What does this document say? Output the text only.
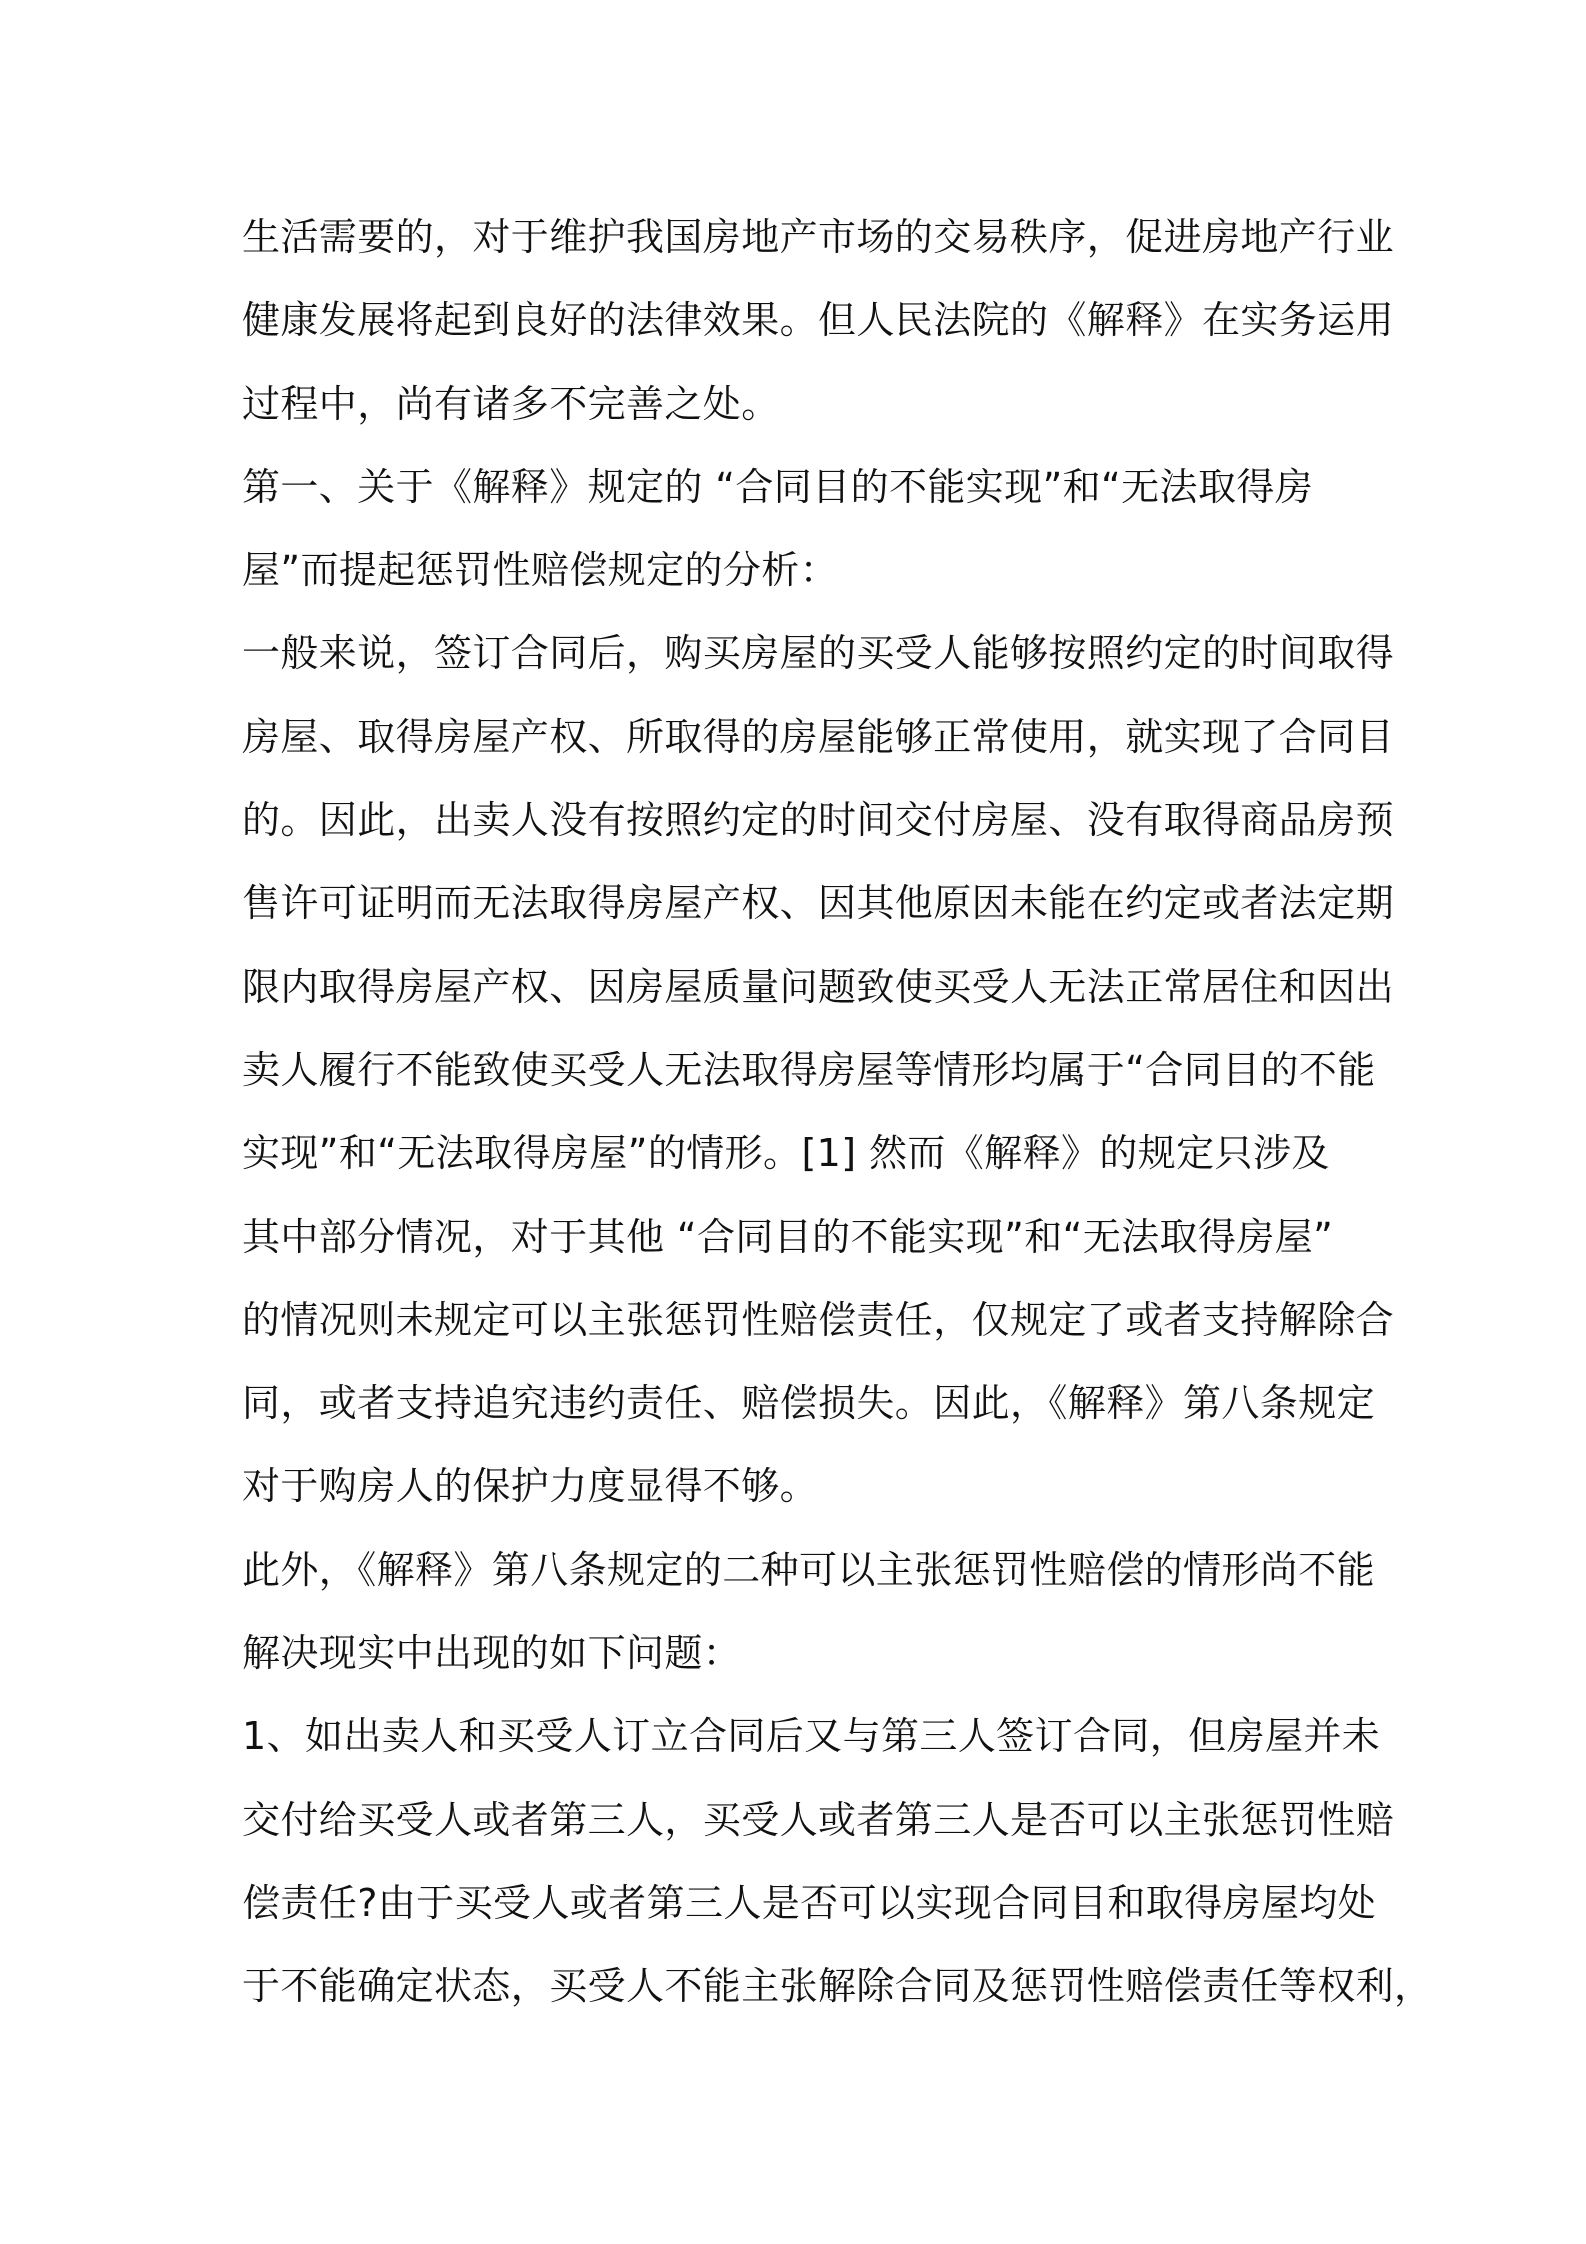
生活需要的，对于维护我国房地产市场的交易秩序，促进房地产行业
健康发展将起到良好的法律效果。但人民法院的《解释》在实务运用
过程中，尚有诸多不完善之处。
第一、关于《解释》规定的 “合同目的不能实现”和“无法取得房
屋”而提起惩罚性赔偿规定的分析：
一般来说，签订合同后，购买房屋的买受人能够按照约定的时间取得
房屋、取得房屋产权、所取得的房屋能够正常使用，就实现了合同目
的。因此，出卖人没有按照约定的时间交付房屋、没有取得商品房预
售许可证明而无法取得房屋产权、因其他原因未能在约定或者法定期
限内取得房屋产权、因房屋质量问题致使买受人无法正常居住和因出
卖人履行不能致使买受人无法取得房屋等情形均属于“合同目的不能
实现”和“无法取得房屋”的情形。[1] 然而《解释》的规定只涉及
其中部分情况，对于其他 “合同目的不能实现”和“无法取得房屋”
的情况则未规定可以主张惩罚性赔偿责任，仅规定了或者支持解除合
同，或者支持追究违约责任、赔偿损失。因此，《解释》第八条规定
对于购房人的保护力度显得不够。
此外，《解释》第八条规定的二种可以主张惩罚性赔偿的情形尚不能
解决现实中出现的如下问题：
1、如出卖人和买受人订立合同后又与第三人签订合同，但房屋并未
交付给买受人或者第三人，买受人或者第三人是否可以主张惩罚性赔
偿责任?由于买受人或者第三人是否可以实现合同目和取得房屋均处
于不能确定状态，买受人不能主张解除合同及惩罚性赔偿责任等权利，
